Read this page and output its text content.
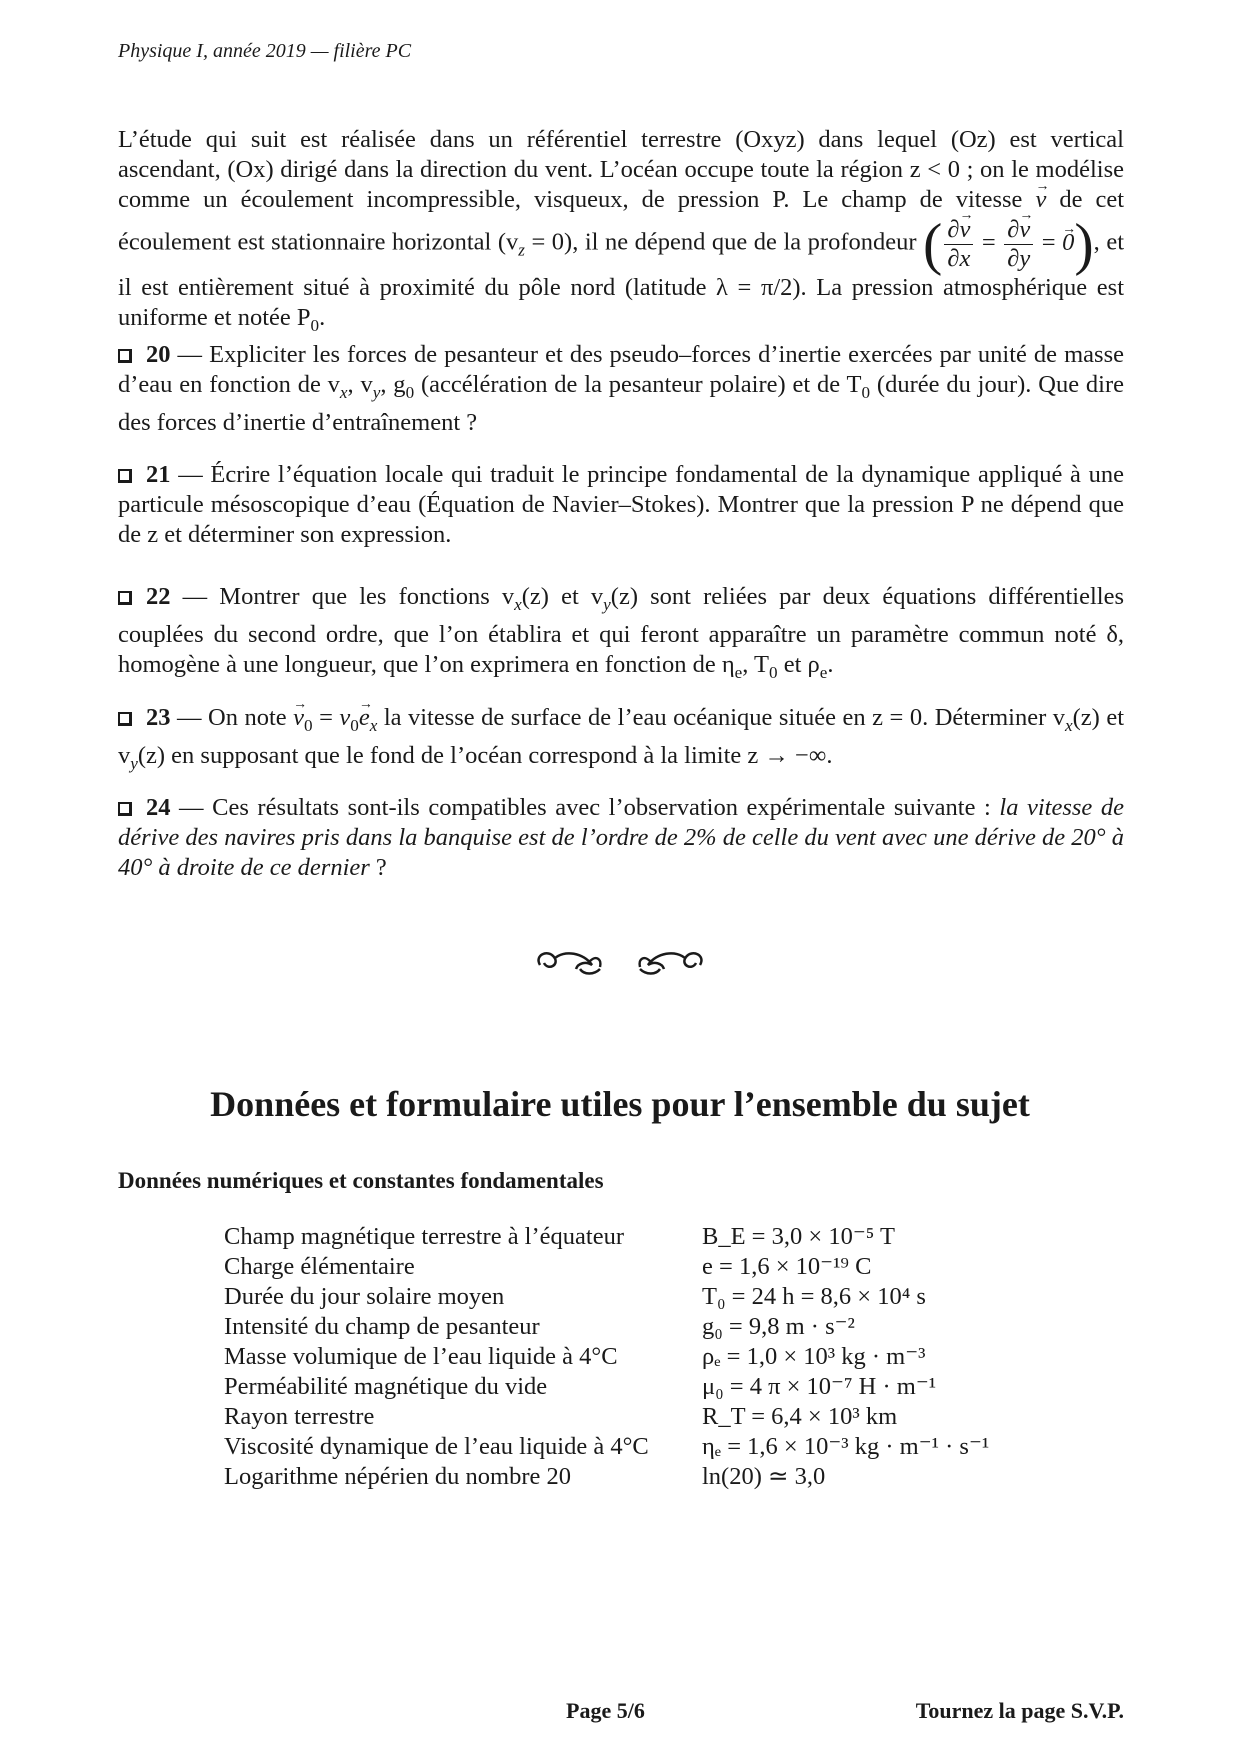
Physique I, année 2019 — filière PC
L’étude qui suit est réalisée dans un référentiel terrestre (Oxyz) dans lequel (Oz) est vertical ascendant, (Ox) dirigé dans la direction du vent. L’océan occupe toute la région z < 0 ; on le modélise comme un écoulement incompressible, visqueux, de pression P. Le champ de vitesse → v de cet écoulement est stationnaire horizontal $(v_z = 0)$, il ne dépend que de la profondeur ( $\frac{\partial\to v}{\partial x} = \frac{\partial\to v}{\partial y}$ = → 0), et il est entièrement situé à proximité du pôle nord (latitude λ = π/2). La pression atmosphérique est uniforme et notée $P_0$.
20 — Expliciter les forces de pesanteur et des pseudo–forces d’inertie exercées par unité de masse d’eau en fonction de $v_x$, $v_y$, $g_0$ (accélération de la pesanteur polaire) et de $T_0$ (durée du jour). Que dire des forces d’inertie d’entraînement ?
21 — Écrire l’équation locale qui traduit le principe fondamental de la dynamique appliqué à une particule mésoscopique d’eau (Équation de Navier–Stokes). Montrer que la pression P ne dépend que de z et déterminer son expression.
22 — Montrer que les fonctions $v_x(z)$ et $v_y(z)$ sont reliées par deux équations différentielles couplées du second ordre, que l’on établira et qui feront apparaître un paramètre commun noté δ, homogène à une longueur, que l’on exprimera en fonction de $\eta_e$, $T_0$ et $\rho_e$.
23 — On note → $v_0 = v_0\to e_x$ la vitesse de surface de l’eau océanique située en z = 0. Déterminer $v_x(z)$ et $v_y(z)$ en supposant que le fond de l’océan correspond à la limite z → −∞.
24 — Ces résultats sont-ils compatibles avec l’observation expérimentale suivante : la vitesse de dérive des navires pris dans la banquise est de l’ordre de 2% de celle du vent avec une dérive de 20° à 40° à droite de ce dernier ?
Données et formulaire utiles pour l’ensemble du sujet
Données numériques et constantes fondamentales
Champ magnétique terrestre à l’équateur	B_E = 3,0 × 10⁻⁵ T
Charge élémentaire	e = 1,6 × 10⁻¹⁹ C
Durée du jour solaire moyen	T₀ = 24 h = 8,6 × 10⁴ s
Intensité du champ de pesanteur	g₀ = 9,8 m · s⁻²
Masse volumique de l’eau liquide à 4°C	ρₑ = 1,0 × 10³ kg · m⁻³
Perméabilité magnétique du vide	μ₀ = 4 π × 10⁻⁷ H · m⁻¹
Rayon terrestre	R_T = 6,4 × 10³ km
Viscosité dynamique de l’eau liquide à 4°C	ηₑ = 1,6 × 10⁻³ kg · m⁻¹ · s⁻¹
Logarithme népérien du nombre 20	ln(20) ≃ 3,0
Page 5/6	Tournez la page S.V.P.
